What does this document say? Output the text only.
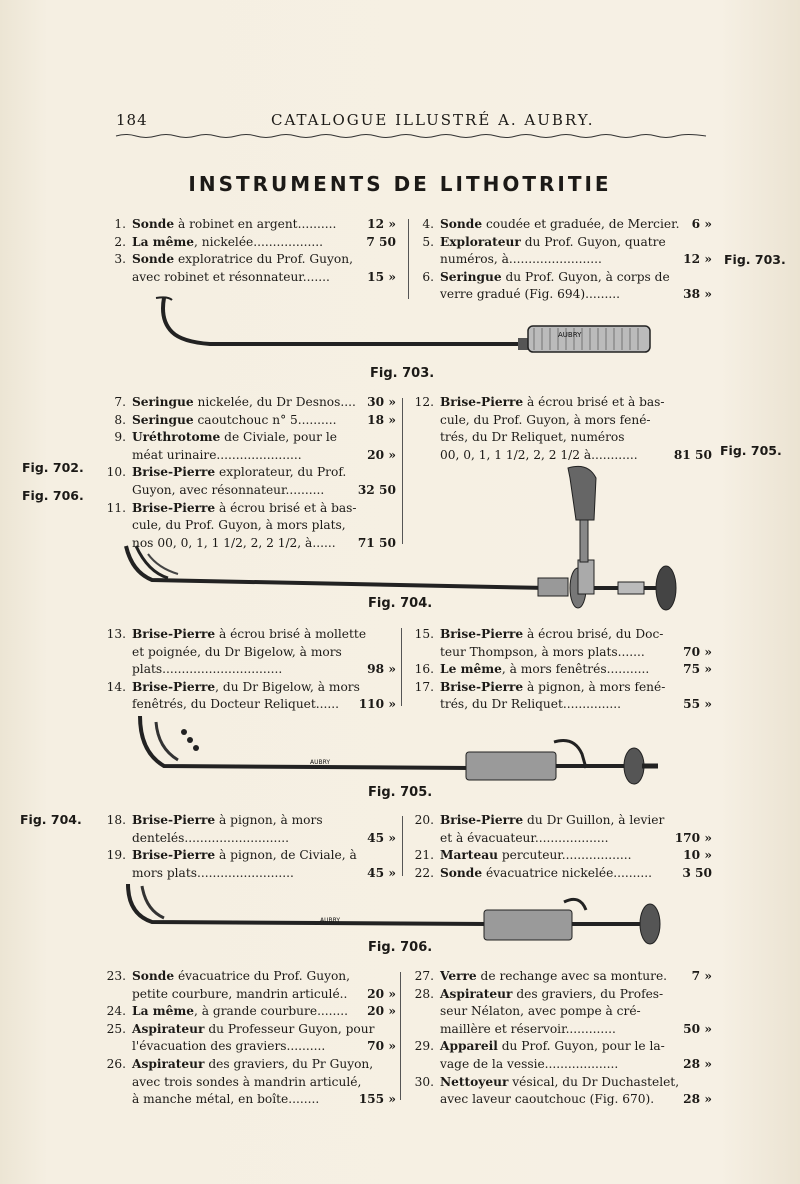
184	CATALOGUE ILLUSTRÉ A. AUBRY.
INSTRUMENTS DE LITHOTRITIE
1. Sonde à robinet en argent..........	12 »
2. La même, nickelée..................	7 50
3. Sonde exploratrice du Prof. Guyon,
avec robinet et résonnateur.......	15 »
4. Sonde coudée et graduée, de Mercier. 6 »
5. Explorateur du Prof. Guyon, quatre
numéros, à........................	12 »
6. Seringue du Prof. Guyon, à corps de
verre gradué (Fig. 694).........	38 »
Fig. 703.
AUBRY
Fig. 703.
7. Seringue nickelée, du Dr Desnos.... 30 »
8. Seringue caoutchouc n° 5..........	18 »
9. Uréthrotome de Civiale, pour le
méat urinaire......................	20 »
10. Brise-Pierre explorateur, du Prof.
Guyon, avec résonnateur..........	32 50
11. Brise-Pierre à écrou brisé et à bas-
cule, du Prof. Guyon, à mors plats,
nos 00, 0, 1, 1 1/2, 2, 2 1/2, à......	71 50
12. Brise-Pierre à écrou brisé et à bas-
cule, du Prof. Guyon, à mors fené-
trés, du Dr Reliquet, numéros
00, 0, 1, 1 1/2, 2, 2 1/2 à............	81 50 Fig. 705.
Fig. 702.
Fig. 706.
Fig. 704.
13. Brise-Pierre à écrou brisé à mollette
et poignée, du Dr Bigelow, à mors
plats...............................	98 »
14. Brise-Pierre, du Dr Bigelow, à mors
fenêtrés, du Docteur Reliquet......	110 »
15. Brise-Pierre à écrou brisé, du Doc-
teur Thompson, à mors plats.......	70 »
16. Le même, à mors fenêtrés...........	75 »
17. Brise-Pierre à pignon, à mors fené-
trés, du Dr Reliquet...............	55 »
AUBRY
Fig. 705.
Fig. 704. 18. Brise-Pierre à pignon, à mors
dentelés...........................	45 »
19. Brise-Pierre à pignon, de Civiale, à
mors plats.........................	45 »
20. Brise-Pierre du Dr Guillon, à levier
et à évacuateur...................	170 »
21. Marteau percuteur..................	10 »
22. Sonde évacuatrice nickelée..........	3 50
AUBRY
Fig. 706.
23. Sonde évacuatrice du Prof. Guyon,
petite courbure, mandrin articulé..	20 »
24. La même, à grande courbure........	20 »
25. Aspirateur du Professeur Guyon, pour
l'évacuation des graviers..........	70 »
26. Aspirateur des graviers, du Pr Guyon,
avec trois sondes à mandrin articulé,
à manche métal, en boîte........	155 »
27. Verre de rechange avec sa monture.	7 »
28. Aspirateur des graviers, du Profes-
seur Nélaton, avec pompe à cré-
maillère et réservoir.............	50 »
29. Appareil du Prof. Guyon, pour le la-
vage de la vessie...................	28 »
30. Nettoyeur vésical, du Dr Duchastelet,
avec laveur caoutchouc (Fig. 670).	28 »
